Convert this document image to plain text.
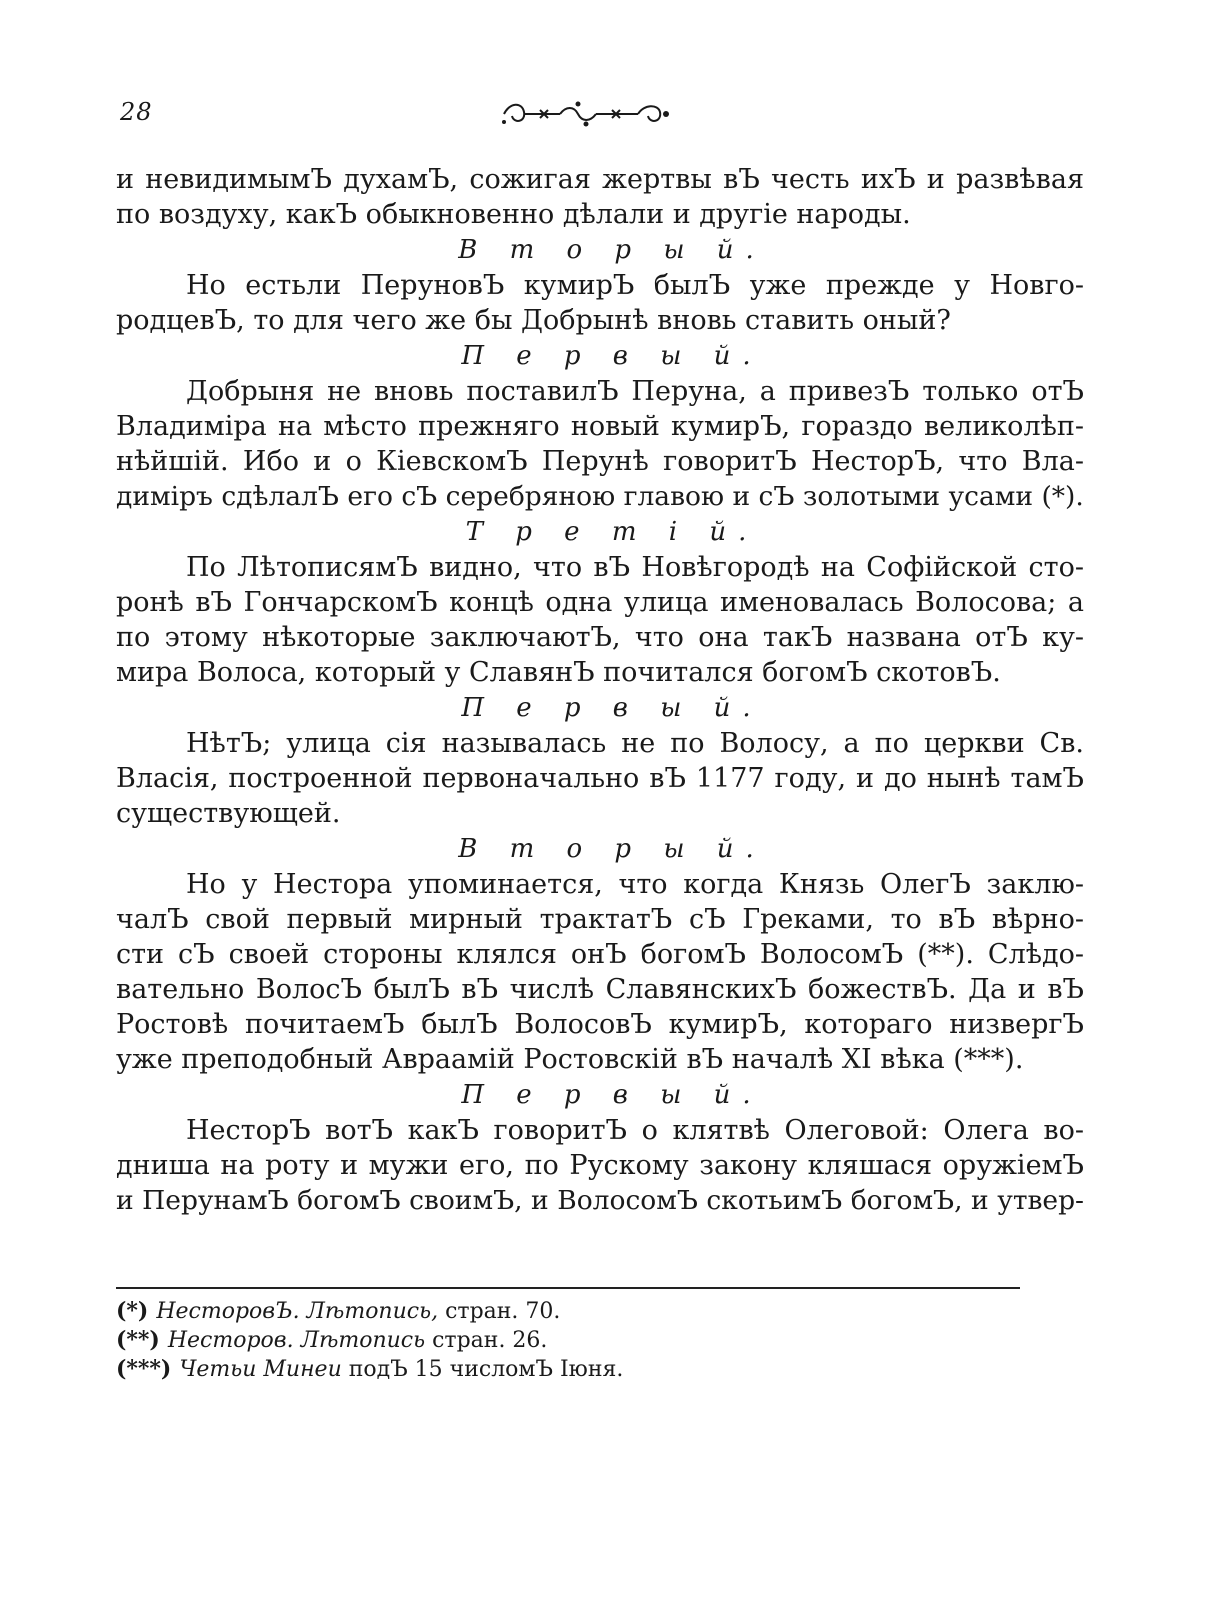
28
и невидимымЪ духамЪ, сожигая жертвы вЪ честь ихЪ и развѣвая
по воздуху, какЪ обыкновенно дѣлали и другіе народы.
В т о р ы й.
Но естьли ПеруновЪ кумирЪ былЪ уже прежде у Новго-
родцевЪ, то для чего же бы Добрынѣ вновь ставить оный?
П е р в ы й.
Добрыня не вновь поставилЪ Перуна, а привезЪ только отЪ
Владиміра на мѣсто прежняго новый кумирЪ, гораздо великолѣп-
нѣйшій. Ибо и о КіевскомЪ Перунѣ говоритЪ НесторЪ, что Вла-
диміръ сдѣлалЪ его сЪ серебряною главою и сЪ золотыми усами (*).
Т р е т і й.
По ЛѣтописямЪ видно, что вЪ Новѣгородѣ на Софійской сто-
ронѣ вЪ ГончарскомЪ концѣ одна улица именовалась Волосова; а
по этому нѣкоторые заключаютЪ, что она такЪ названа отЪ ку-
мира Волоса, который у СлавянЪ почитался богомЪ скотовЪ.
П е р в ы й.
НѣтЪ; улица сія называлась не по Волосу, а по церкви Св.
Власія, построенной первоначально вЪ 1177 году, и до нынѣ тамЪ
существующей.
В т о р ы й.
Но у Нестора упоминается, что когда Князь ОлегЪ заклю-
чалЪ свой первый мирный трактатЪ сЪ Греками, то вЪ вѣрно-
сти сЪ своей стороны клялся онЪ богомЪ ВолосомЪ (**). Слѣдо-
вательно ВолосЪ былЪ вЪ числѣ СлавянскихЪ божествЪ. Да и вЪ
Ростовѣ почитаемЪ былЪ ВолосовЪ кумирЪ, котораго низвергЪ
уже преподобный Авраамій Ростовскій вЪ началѣ XI вѣка (***).
П е р в ы й.
НесторЪ вотЪ какЪ говоритЪ о клятвѣ Олеговой: Олега во-
дниша на роту и мужи его, по Рускому закону кляшася оружіемЪ
и ПерунамЪ богомЪ своимЪ, и ВолосомЪ скотьимЪ богомЪ, и утвер-
(*) НесторовЪ. Лѣтопись, стран. 70.
(**) Несторов. Лѣтопись стран. 26.
(***) Четьи Минеи подЪ 15 числомЪ Іюня.
